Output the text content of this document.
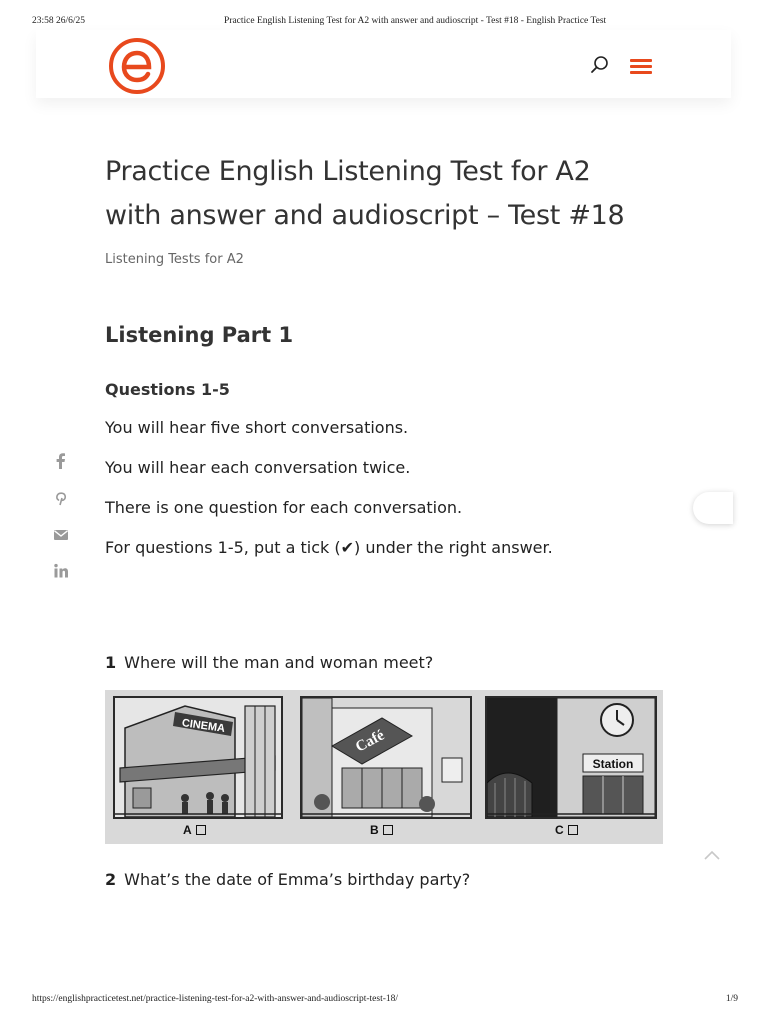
23:58 26/6/25	Practice English Listening Test for A2 with answer and audioscript - Test #18 - English Practice Test
Practice English Listening Test for A2
with answer and audioscript – Test #18
Listening Tests for A2
Listening Part 1
Questions 1-5
You will hear five short conversations.
You will hear each conversation twice.
There is one question for each conversation.
For questions 1-5, put a tick (✔) under the right answer.
1 Where will the man and woman meet?
CINEMA
A
Café
B
Station
C
2 What’s the date of Emma’s birthday party?
https://englishpracticetest.net/practice-listening-test-for-a2-with-answer-and-audioscript-test-18/	1/9
